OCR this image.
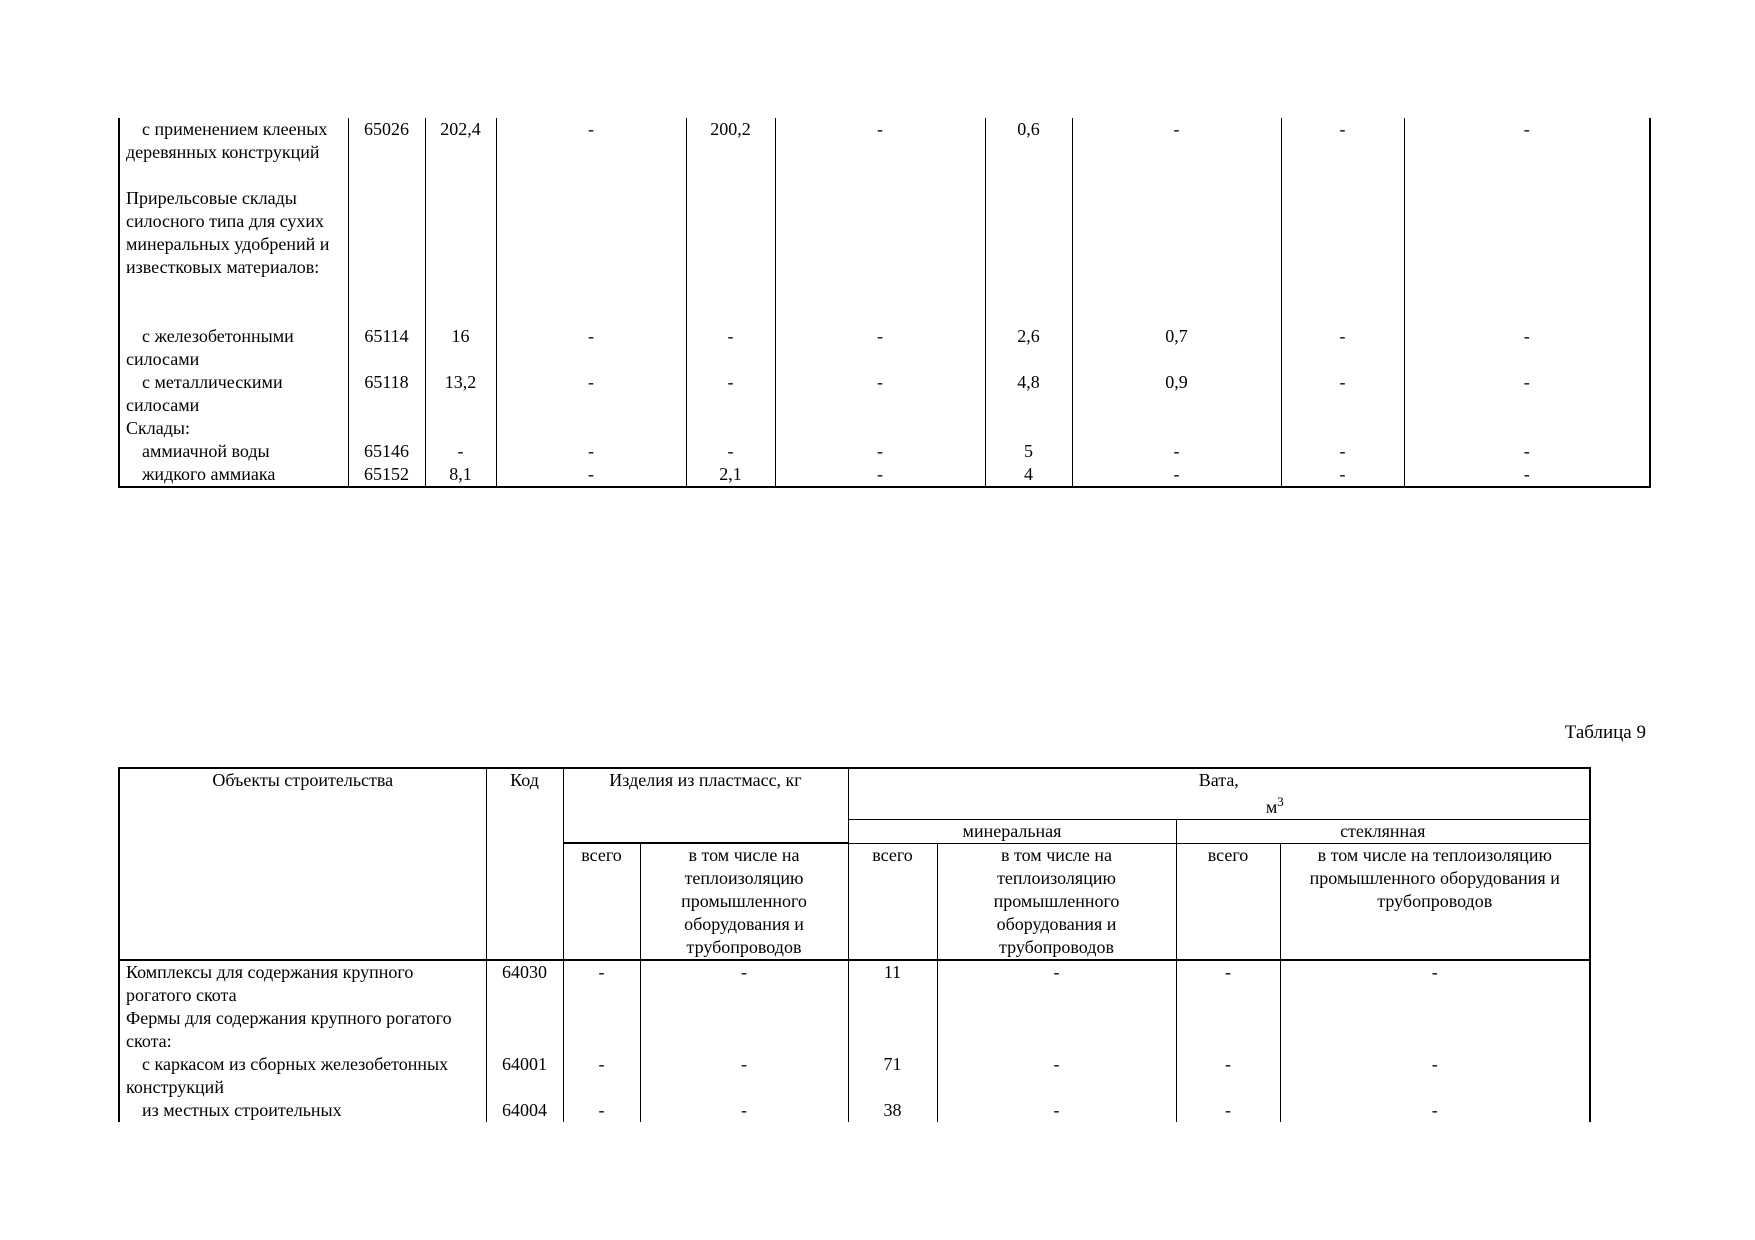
с применением клееных деревянных конструкций	65026	202,4	-	200,2	-	0,6	-	-	-
Прирельсовые склады силосного типа для сухих минеральных удобрений и известковых материалов:									
с железобетонными силосами	65114	16	-	-	-	2,6	0,7	-	-
с металлическими силосами	65118	13,2	-	-	-	4,8	0,9	-	-
Склады:									
аммиачной воды	65146	-	-	-	-	5	-	-	-
жидкого аммиака	65152	8,1	-	2,1	-	4	-	-	-
Таблица 9
Объекты строительства	Код	Изделия из пластмасс, кг		Вата,
$м^3$

				минеральная		стеклянная	
		всего	в том числе на теплоизоляцию промышленного оборудования и трубопроводов	всего	в том числе на теплоизоляцию промышленного оборудования и трубопроводов	всего	в том числе на теплоизоляцию промышленного оборудования и трубопроводов
Комплексы для содержания крупного рогатого скота	64030	-	-	11	-	-	-
Фермы для содержания крупного рогатого скота:							
с каркасом из сборных железобетонных конструкций	64001	-	-	71	-	-	-
из местных строительных	64004	-	-	38	-	-	-
